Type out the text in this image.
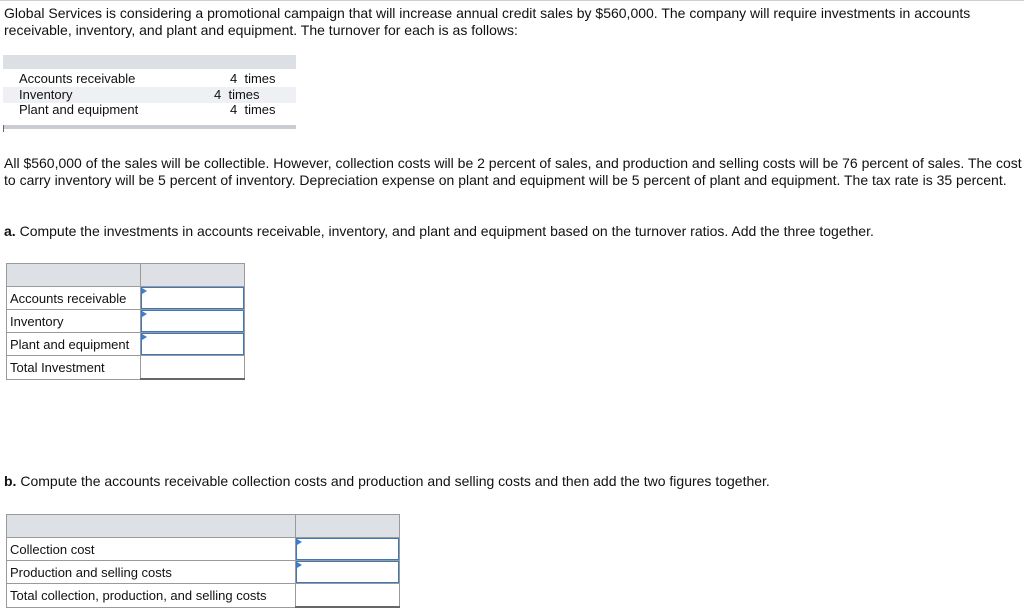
Global Services is considering a promotional campaign that will increase annual credit sales by $560,000. The company will require investments in accounts receivable, inventory, and plant and equipment. The turnover for each is as follows:
Accounts receivable	4  times
Inventory	4  times
Plant and equipment	4  times
All $560,000 of the sales will be collectible. However, collection costs will be 2 percent of sales, and production and selling costs will be 76 percent of sales. The cost to carry inventory will be 5 percent of inventory. Depreciation expense on plant and equipment will be 5 percent of plant and equipment. The tax rate is 35 percent.
a. Compute the investments in accounts receivable, inventory, and plant and equipment based on the turnover ratios. Add the three together.

Accounts receivable	

Inventory	

Plant and equipment	

Total Investment	
b. Compute the accounts receivable collection costs and production and selling costs and then add the two figures together.

Collection cost	

Production and selling costs	

Total collection, production, and selling costs	
